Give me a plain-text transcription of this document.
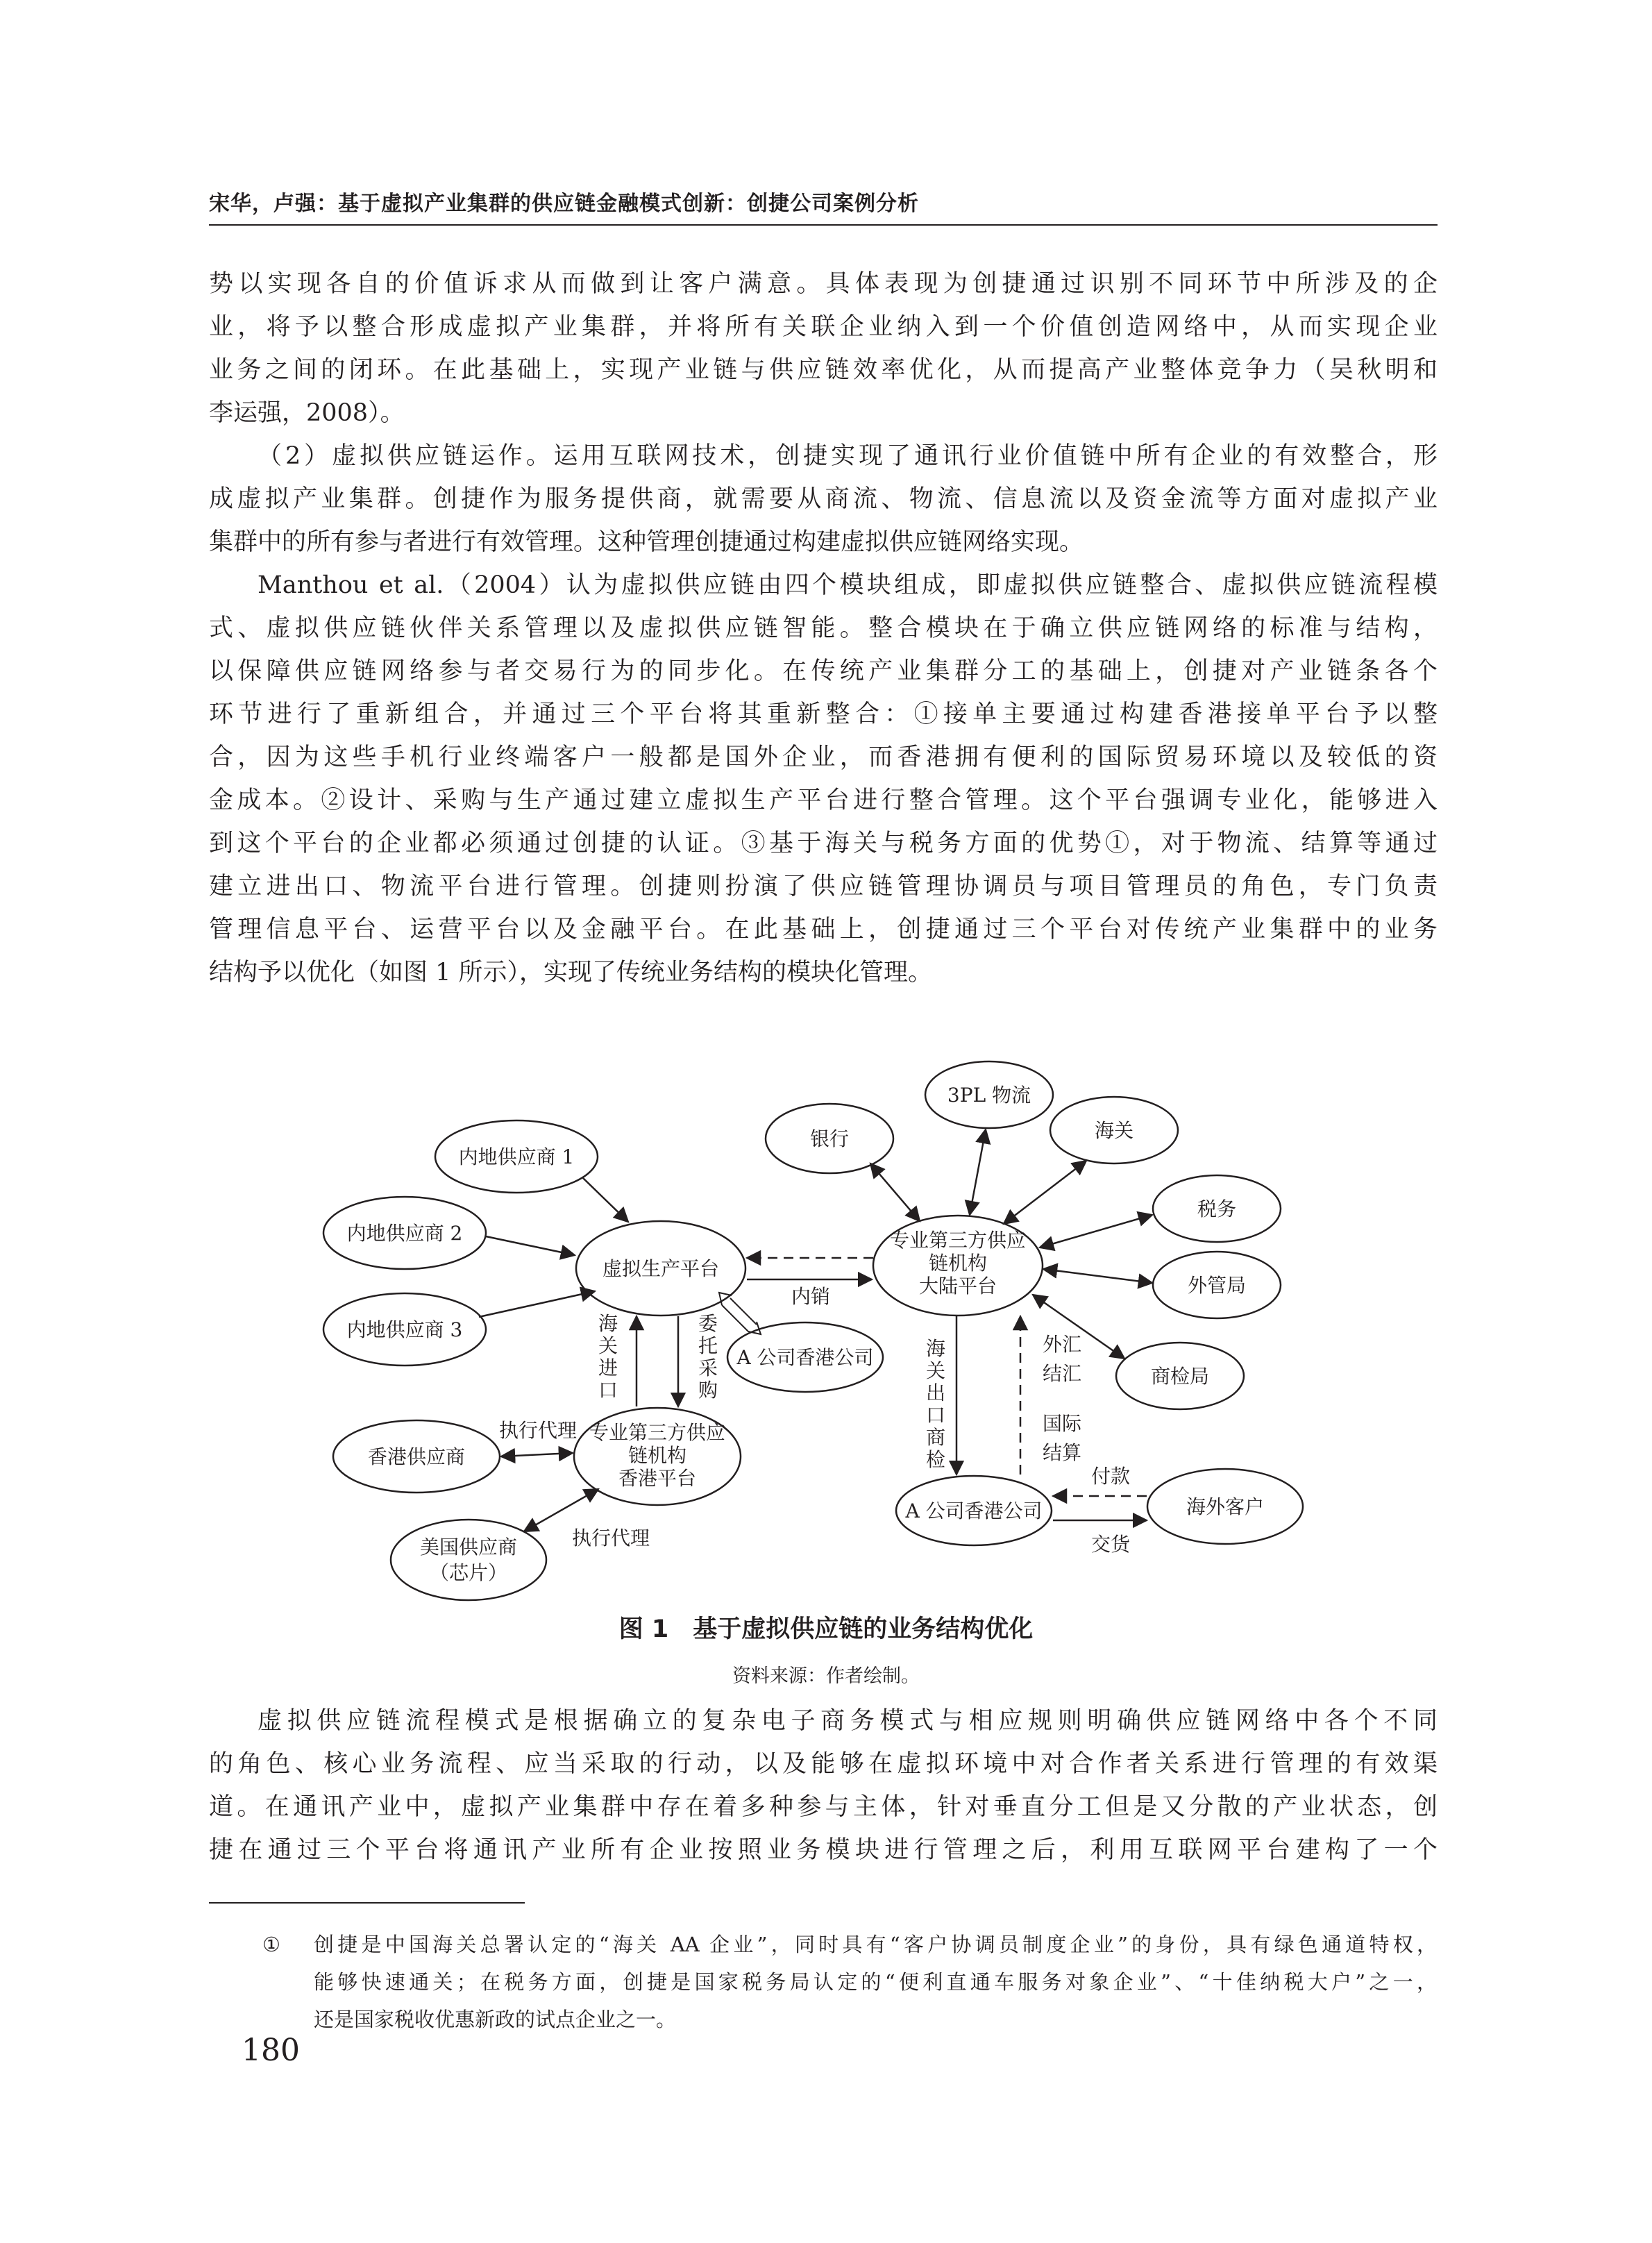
宋华，卢强：基于虚拟产业集群的供应链金融模式创新：创捷公司案例分析

势以实现各自的价值诉求从而做到让客户满意。具体表现为创捷通过识别不同环节中所涉及的企

业，将予以整合形成虚拟产业集群，并将所有关联企业纳入到一个价值创造网络中，从而实现企业

业务之间的闭环。在此基础上，实现产业链与供应链效率优化，从而提高产业整体竞争力（吴秋明和

李运强，2008）。

（2）虚拟供应链运作。运用互联网技术，创捷实现了通讯行业价值链中所有企业的有效整合，形

成虚拟产业集群。创捷作为服务提供商，就需要从商流、物流、信息流以及资金流等方面对虚拟产业

集群中的所有参与者进行有效管理。这种管理创捷通过构建虚拟供应链网络实现。

Manthou et al.（2004）认为虚拟供应链由四个模块组成，即虚拟供应链整合、虚拟供应链流程模

式、虚拟供应链伙伴关系管理以及虚拟供应链智能。整合模块在于确立供应链网络的标准与结构，

以保障供应链网络参与者交易行为的同步化。在传统产业集群分工的基础上，创捷对产业链条各个

环节进行了重新组合，并通过三个平台将其重新整合：①接单主要通过构建香港接单平台予以整

合，因为这些手机行业终端客户一般都是国外企业，而香港拥有便利的国际贸易环境以及较低的资

金成本。②设计、采购与生产通过建立虚拟生产平台进行整合管理。这个平台强调专业化，能够进入

到这个平台的企业都必须通过创捷的认证。③基于海关与税务方面的优势①，对于物流、结算等通过

建立进出口、物流平台进行管理。创捷则扮演了供应链管理协调员与项目管理员的角色，专门负责

管理信息平台、运营平台以及金融平台。在此基础上，创捷通过三个平台对传统产业集群中的业务

结构予以优化（如图 1 所示），实现了传统业务结构的模块化管理。

内地供应商 1
内地供应商 2
内地供应商 3
虚拟生产平台
A 公司香港公司
专业第三方供应
链机构
香港平台
香港供应商
美国供应商
（芯片）
专业第三方供应
链机构
大陆平台
银行
3PL 物流
海关
税务
外管局
商检局
A 公司香港公司	海外客户
内销
海
关
进
口
委
托
采
购
执行代理
执行代理
海
关
出
口
商
检
外汇
结汇
国际
结算
付款
交货
图 1　基于虚拟供应链的业务结构优化
资料来源：作者绘制。

虚拟供应链流程模式是根据确立的复杂电子商务模式与相应规则明确供应链网络中各个不同

的角色、核心业务流程、应当采取的行动，以及能够在虚拟环境中对合作者关系进行管理的有效渠

道。在通讯产业中，虚拟产业集群中存在着多种参与主体，针对垂直分工但是又分散的产业状态，创

捷在通过三个平台将通讯产业所有企业按照业务模块进行管理之后，利用互联网平台建构了一个

① 创捷是中国海关总署认定的“海关 AA 企业”，同时具有“客户协调员制度企业”的身份，具有绿色通道特权，

能够快速通关；在税务方面，创捷是国家税务局认定的“便利直通车服务对象企业”、“十佳纳税大户”之一，

还是国家税收优惠新政的试点企业之一。

180
